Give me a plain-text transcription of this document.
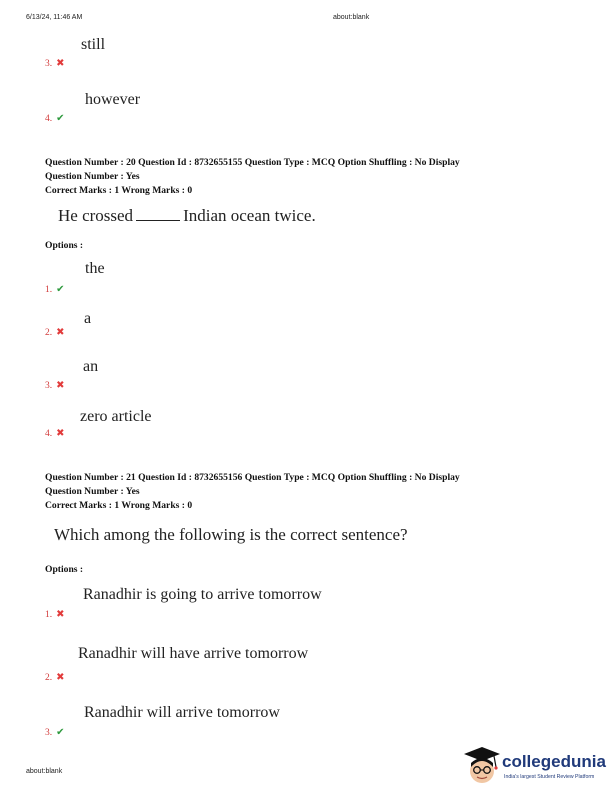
6/13/24, 11:46 AM	about:blank
still
3. ✖
however
4. ✔
Question Number : 20 Question Id : 8732655155 Question Type : MCQ Option Shuffling : No Display
Question Number : Yes
Correct Marks : 1 Wrong Marks : 0
He crossed	Indian ocean twice.
Options :
the
1. ✔
a
2. ✖
an
3. ✖
zero article
4. ✖
Question Number : 21 Question Id : 8732655156 Question Type : MCQ Option Shuffling : No Display
Question Number : Yes
Correct Marks : 1 Wrong Marks : 0
Which among the following is the correct sentence?
Options :
Ranadhir is going to arrive tomorrow
1. ✖
Ranadhir will have arrive tomorrow
2. ✖
Ranadhir will arrive tomorrow
3. ✔
about:blank
collegedunia
India's largest Student Review Platform
